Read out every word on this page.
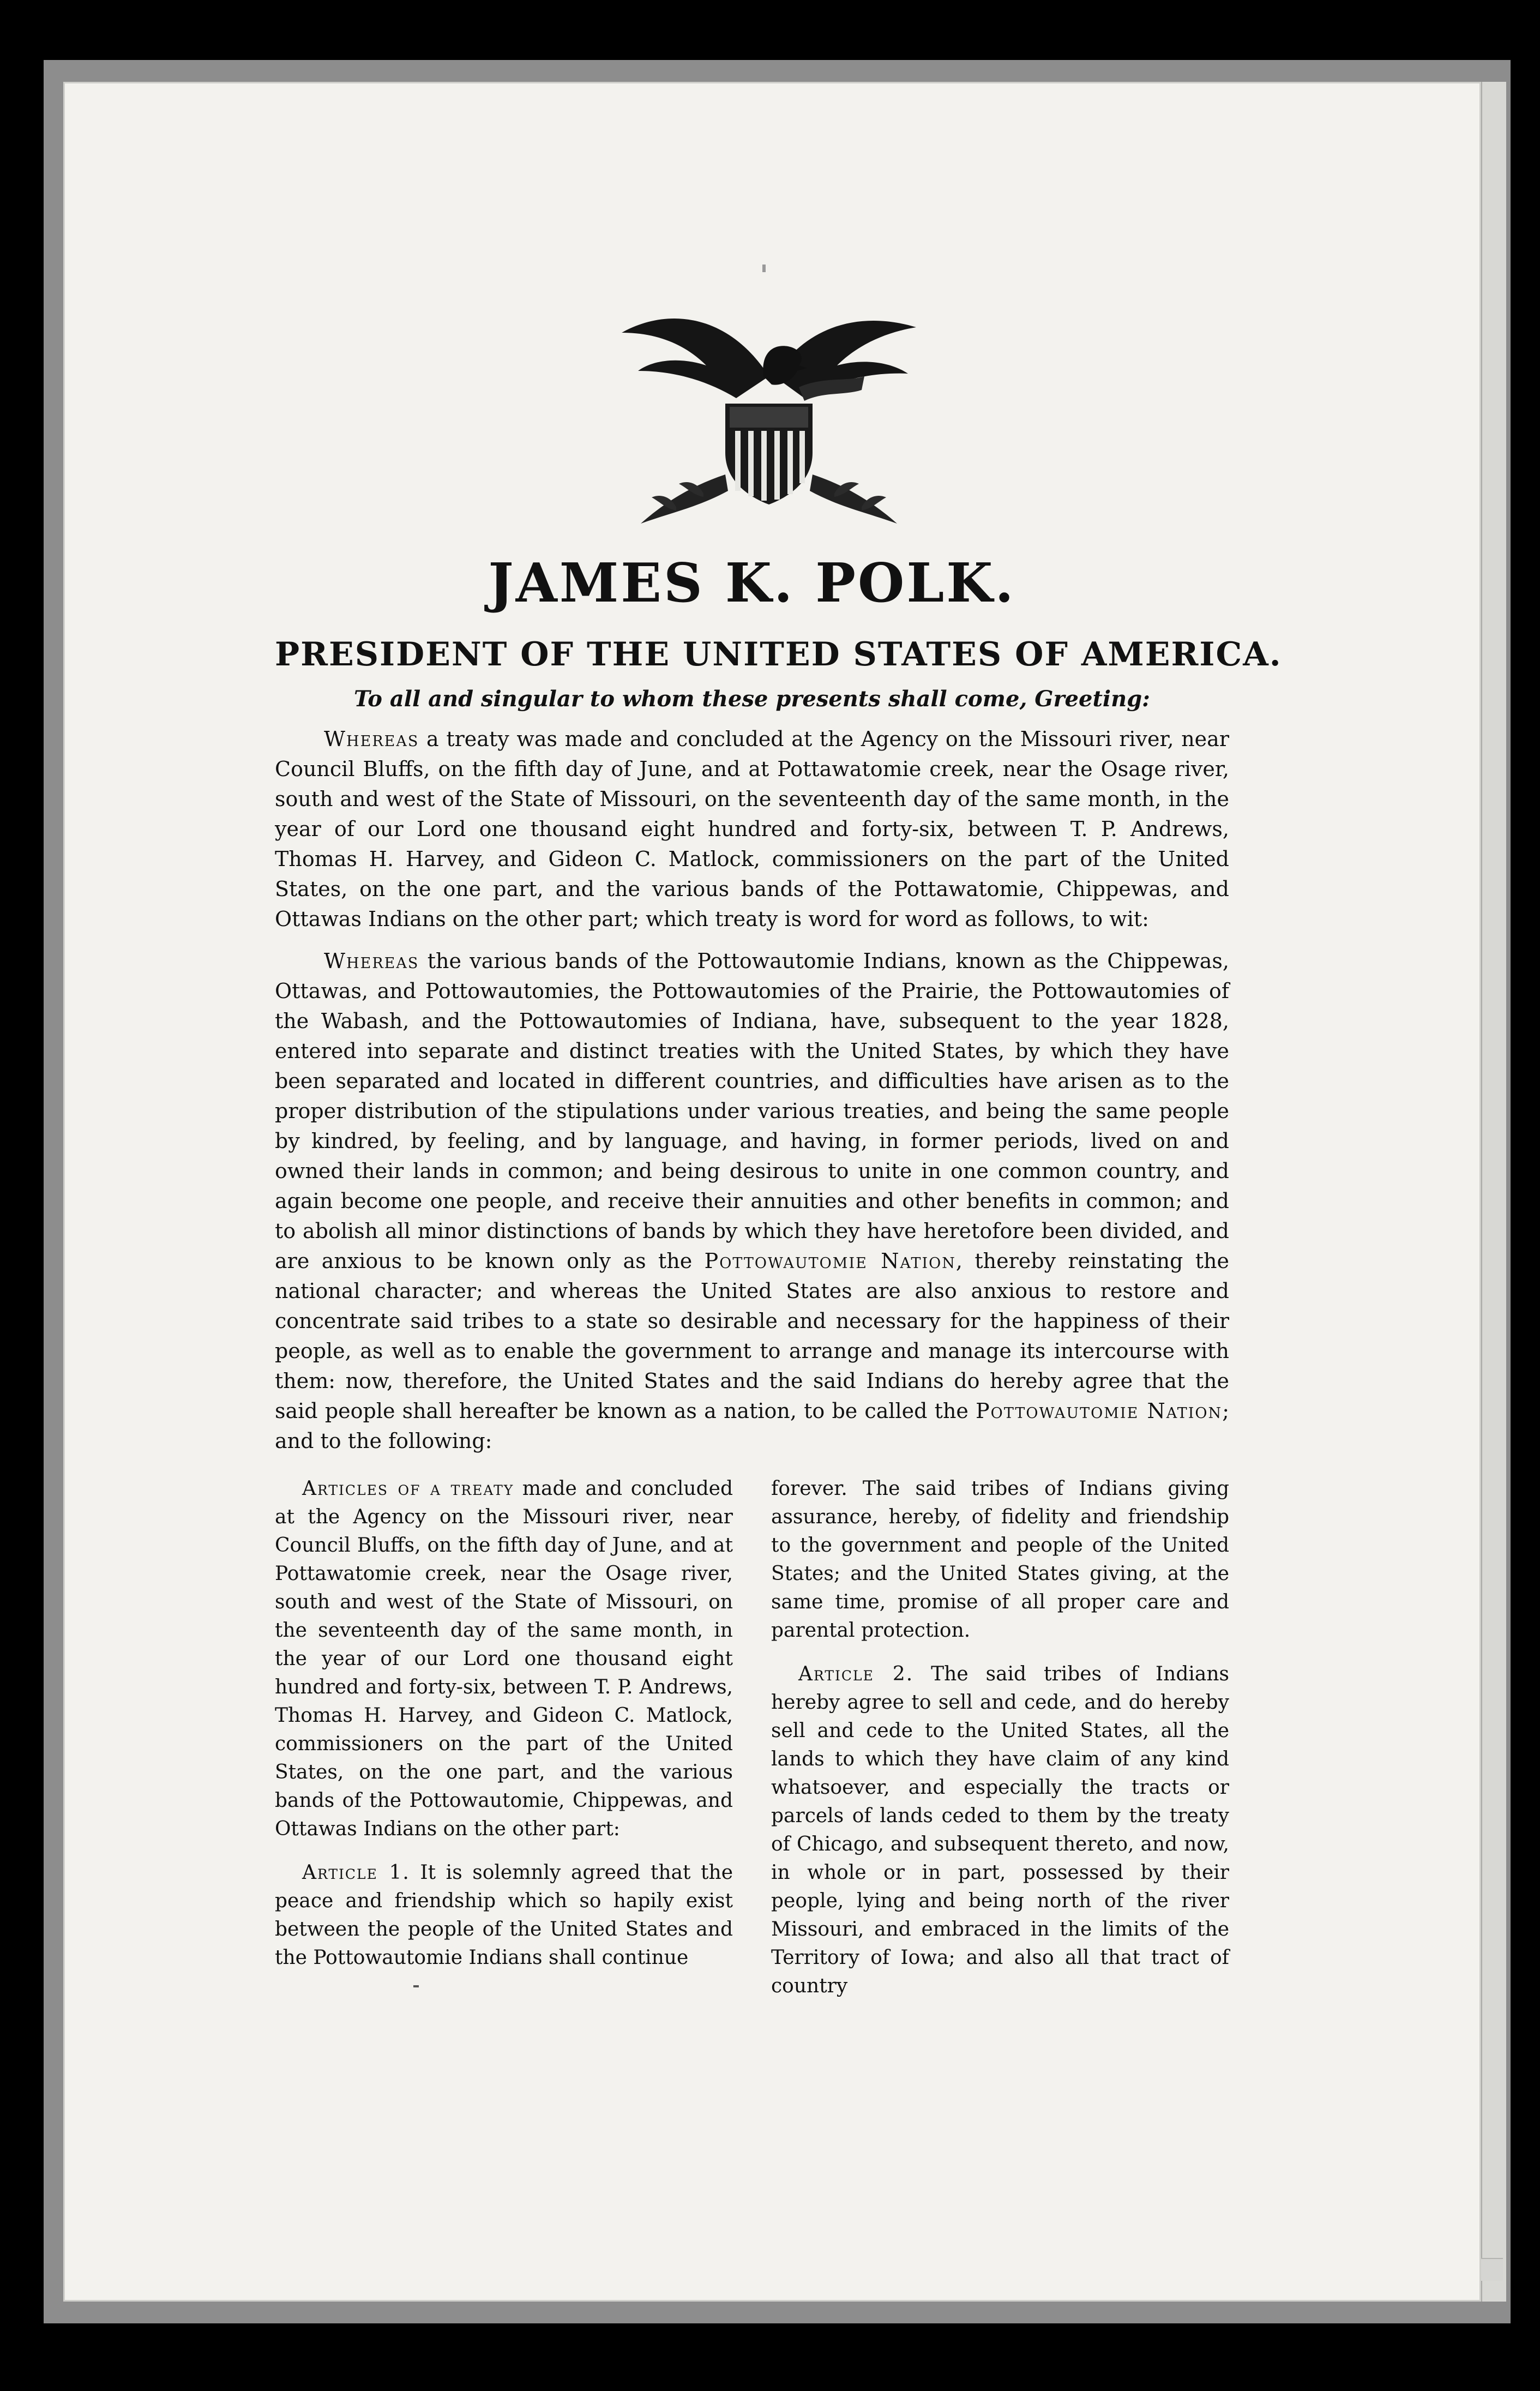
JAMES K. POLK.
PRESIDENT OF THE UNITED STATES OF AMERICA.
To all and singular to whom these presents shall come, Greeting:

Whereas a treaty was made and concluded at the Agency on the Missouri river, near Council Bluffs, on the fifth day of June, and at Pottawatomie creek, near the Osage river, south and west of the State of Missouri, on the seventeenth day of the same month, in the year of our Lord one thousand eight hundred and forty-six, between T. P. Andrews, Thomas H. Harvey, and Gideon C. Matlock, commissioners on the part of the United States, on the one part, and the various bands of the Pottawatomie, Chippewas, and Ottawas Indians on the other part; which treaty is word for word as follows, to wit:

Whereas the various bands of the Pottowautomie Indians, known as the Chippewas, Ottawas, and Pottowautomies, the Pottowautomies of the Prairie, the Pottowautomies of the Wabash, and the Pottowautomies of Indiana, have, subsequent to the year 1828, entered into separate and distinct treaties with the United States, by which they have been separated and located in different countries, and difficulties have arisen as to the proper distribution of the stipulations under various treaties, and being the same people by kindred, by feeling, and by language, and having, in former periods, lived on and owned their lands in common; and being desirous to unite in one common country, and again become one people, and receive their annuities and other benefits in common; and to abolish all minor distinctions of bands by which they have heretofore been divided, and are anxious to be known only as the Pottowautomie Nation, thereby reinstating the national character; and whereas the United States are also anxious to restore and concentrate said tribes to a state so desirable and necessary for the happiness of their people, as well as to enable the government to arrange and manage its intercourse with them: now, therefore, the United States and the said Indians do hereby agree that the said people shall hereafter be known as a nation, to be called the Pottowautomie Nation; and to the following:

Articles of a treaty made and concluded at the Agency on the Missouri river, near Council Bluffs, on the fifth day of June, and at Pottawatomie creek, near the Osage river, south and west of the State of Missouri, on the seventeenth day of the same month, in the year of our Lord one thousand eight hundred and forty-six, between T. P. Andrews, Thomas H. Harvey, and Gideon C. Matlock, commissioners on the part of the United States, on the one part, and the various bands of the Pottowautomie, Chippewas, and Ottawas Indians on the other part:

Article 1. It is solemnly agreed that the peace and friendship which so hapily exist between the people of the United States and the Pottowautomie Indians shall continue

forever. The said tribes of Indians giving assurance, hereby, of fidelity and friendship to the government and people of the United States; and the United States giving, at the same time, promise of all proper care and parental protection.

Article 2. The said tribes of Indians hereby agree to sell and cede, and do hereby sell and cede to the United States, all the lands to which they have claim of any kind whatsoever, and especially the tracts or parcels of lands ceded to them by the treaty of Chicago, and subsequent thereto, and now, in whole or in part, possessed by their people, lying and being north of the river Missouri, and embraced in the limits of the Territory of Iowa; and also all that tract of country
